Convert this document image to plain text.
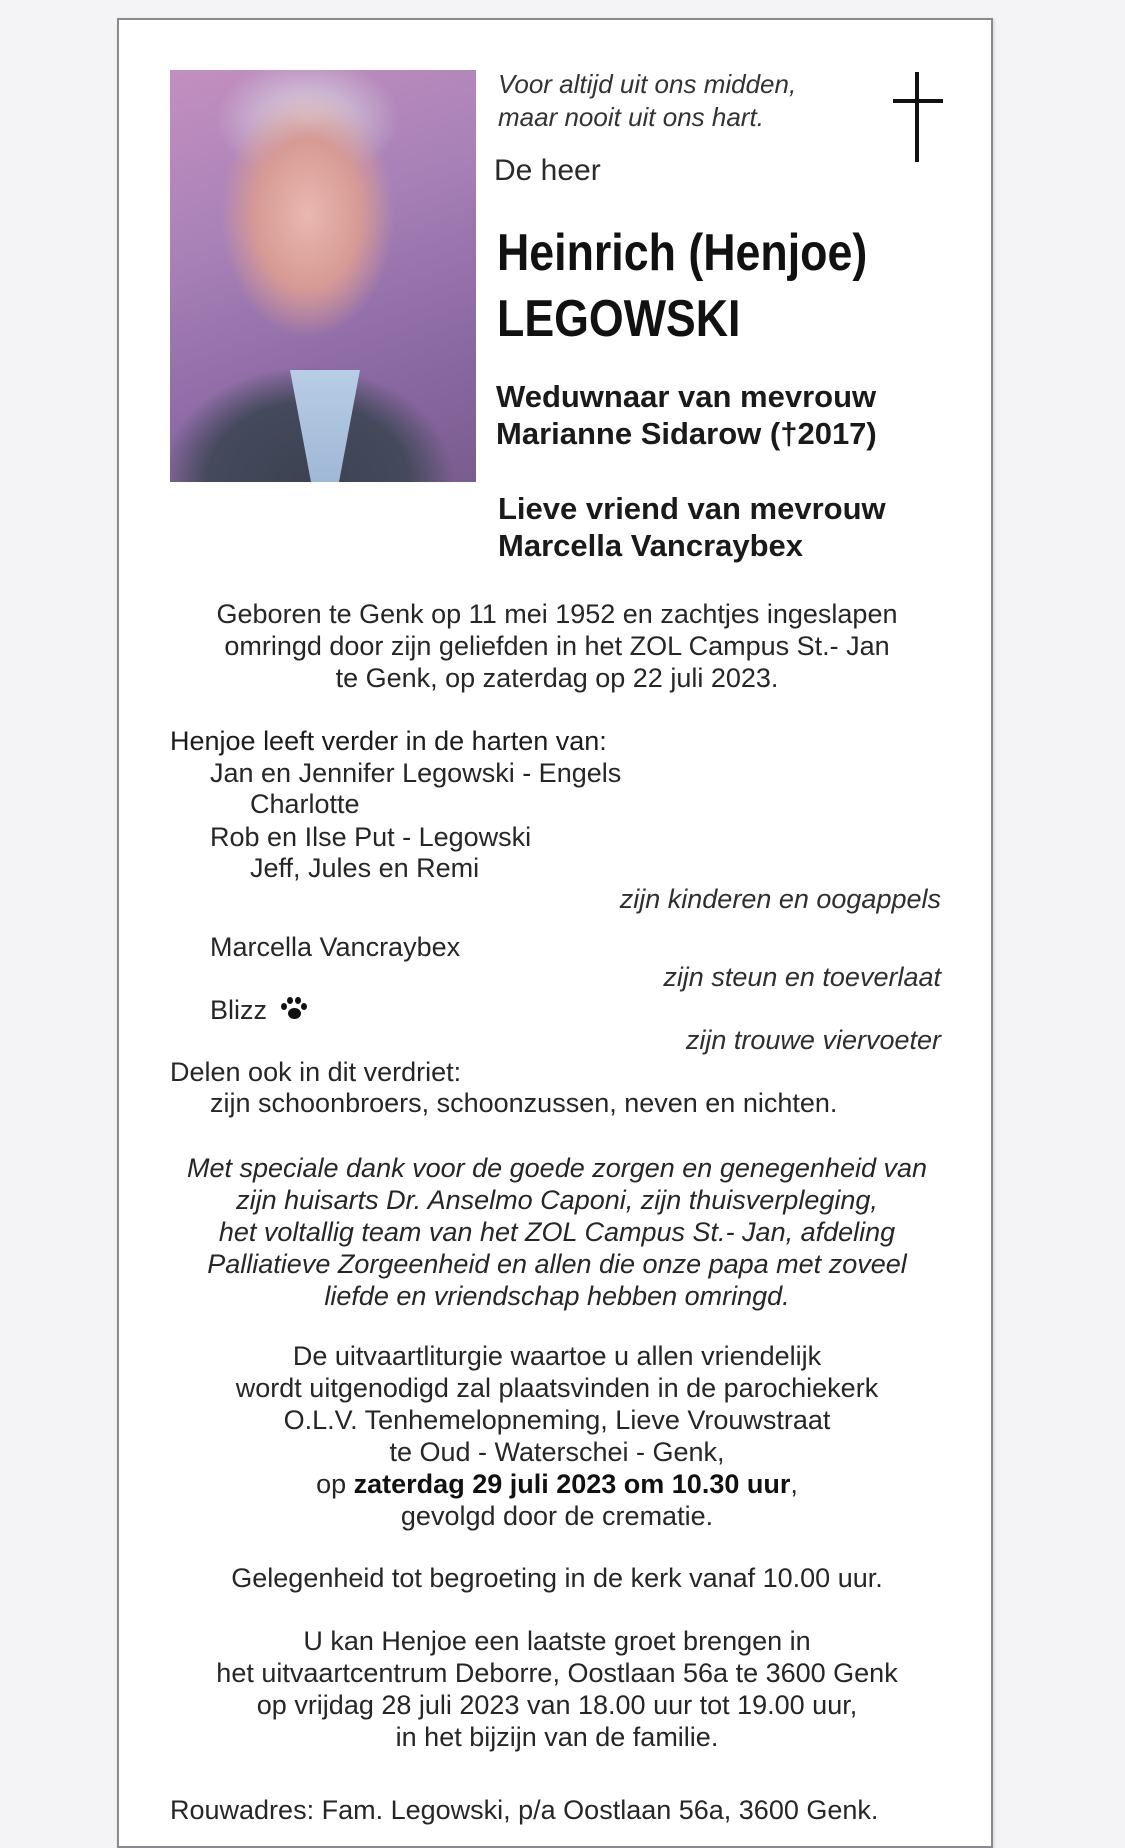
Voor altijd uit ons midden,
maar nooit uit ons hart.
De heer
Heinrich (Henjoe)
LEGOWSKI
Weduwnaar van mevrouw
Marianne Sidarow (†2017)
Lieve vriend van mevrouw
Marcella Vancraybex
Geboren te Genk op 11 mei 1952 en zachtjes ingeslapen
omringd door zijn geliefden in het ZOL Campus St.- Jan
te Genk, op zaterdag op 22 juli 2023.
Henjoe leeft verder in de harten van:
Jan en Jennifer Legowski - Engels
Charlotte
Rob en Ilse Put - Legowski
Jeff, Jules en Remi
zijn kinderen en oogappels
Marcella Vancraybex
zijn steun en toeverlaat
Blizz
zijn trouwe viervoeter
Delen ook in dit verdriet:
zijn schoonbroers, schoonzussen, neven en nichten.
Met speciale dank voor de goede zorgen en genegenheid van
zijn huisarts Dr. Anselmo Caponi, zijn thuisverpleging,
het voltallig team van het ZOL Campus St.- Jan, afdeling
Palliatieve Zorgeenheid en allen die onze papa met zoveel
liefde en vriendschap hebben omringd.
De uitvaartliturgie waartoe u allen vriendelijk
wordt uitgenodigd zal plaatsvinden in de parochiekerk
O.L.V. Tenhemelopneming, Lieve Vrouwstraat
te Oud - Waterschei - Genk,
op zaterdag 29 juli 2023 om 10.30 uur,
gevolgd door de crematie.
Gelegenheid tot begroeting in de kerk vanaf 10.00 uur.
U kan Henjoe een laatste groet brengen in
het uitvaartcentrum Deborre, Oostlaan 56a te 3600 Genk
op vrijdag 28 juli 2023 van 18.00 uur tot 19.00 uur,
in het bijzijn van de familie.
Rouwadres: Fam. Legowski, p/a Oostlaan 56a, 3600 Genk.
